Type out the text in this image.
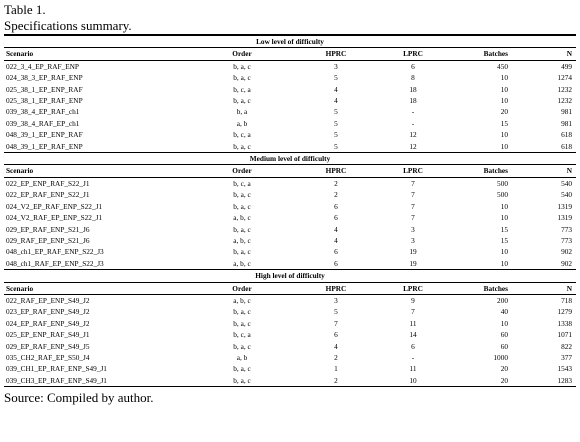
Table 1.
Specifications summary.
Low level of difficulty					
Scenario	Order	HPRC	LPRC	Batches	N
022_3_4_EP_RAF_ENP	b, a, c	3	6	450	499
024_38_3_EP_RAF_ENP	b, a, c	5	8	10	1274
025_38_1_EP_ENP_RAF	b, c, a	4	18	10	1232
025_38_1_EP_RAF_ENP	b, a, c	4	18	10	1232
039_38_4_EP_RAF_ch1	b, a	5	-	20	981
039_38_4_RAF_EP_ch1	a, b	5	-	15	981
048_39_1_EP_ENP_RAF	b, c, a	5	12	10	618
048_39_1_EP_RAF_ENP	b, a, c	5	12	10	618
Medium level of difficulty					
Scenario	Order	HPRC	LPRC	Batches	N
022_EP_ENP_RAF_S22_J1	b, c, a	2	7	500	540
022_EP_RAF_ENP_S22_J1	b, a, c	2	7	500	540
024_V2_EP_RAF_ENP_S22_J1	b, a, c	6	7	10	1319
024_V2_RAF_EP_ENP_S22_J1	a, b, c	6	7	10	1319
029_EP_RAF_ENP_S21_J6	b, a, c	4	3	15	773
029_RAF_EP_ENP_S21_J6	a, b, c	4	3	15	773
048_ch1_EP_RAF_ENP_S22_J3	b, a, c	6	19	10	902
048_ch1_RAF_EP_ENP_S22_J3	a, b, c	6	19	10	902
High level of difficulty					
Scenario	Order	HPRC	LPRC	Batches	N
022_RAF_EP_ENP_S49_J2	a, b, c	3	9	200	718
023_EP_RAF_ENP_S49_J2	b, a, c	5	7	40	1279
024_EP_RAF_ENP_S49_J2	b, a, c	7	11	10	1338
025_EP_ENP_RAF_S49_J1	b, c, a	6	14	60	1071
029_EP_RAF_ENP_S49_J5	b, a, c	4	6	60	822
035_CH2_RAF_EP_S50_J4	a, b	2	-	1000	377
039_CH1_EP_RAF_ENP_S49_J1	b, a, c	1	11	20	1543
039_CH3_EP_RAF_ENP_S49_J1	b, a, c	2	10	20	1283
Source: Compiled by author.
